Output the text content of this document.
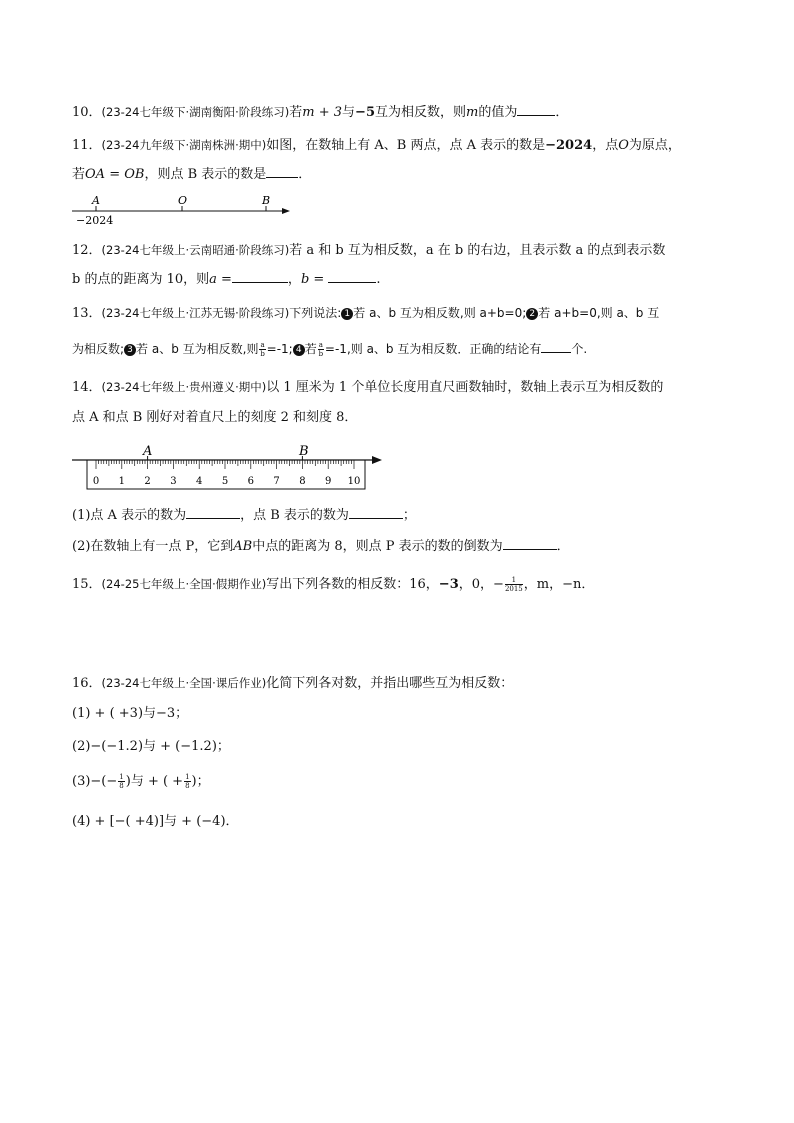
10．(23-24七年级下·湖南衡阳·阶段练习)若m + 3与−5互为相反数，则m的值为	．
11．(23-24九年级下·湖南株洲·期中)如图，在数轴上有 A、B 两点，点 A 表示的数是−2024，点O为原点，
若OA = OB，则点 B 表示的数是 ．
A	O	B
−2024
12．(23-24七年级上·云南昭通·阶段练习)若 a 和 b 互为相反数，a 在 b 的右边，且表示数 a 的点到表示数
b 的点的距离为 10，则a =	，b =	.
13．(23-24七年级上·江苏无锡·阶段练习)下列说法: 1 若 a、b 互为相反数,则 a+b=0; 2 若 a+b=0,则 a、b 互
为相反数; 3 若 a、b 互为相反数,则 $\frac{a}{b} =-1$; 4 若 $\frac{a}{b} =-1$,则 a、b 互为相反数．正确的结论有	个.
14．(23-24七年级上·贵州遵义·期中)以 1 厘米为 1 个单位长度用直尺画数轴时，数轴上表示互为相反数的
点 A 和点 B 刚好对着直尺上的刻度 2 和刻度 8．
0 1 2 3 4 5 6 7 8 9 10
A	B
(1)点 A 表示的数为	，点 B 表示的数为	；
(2)在数轴上有一点 P，它到AB中点的距离为 8，则点 P 表示的数的倒数为	．
15．(24-25七年级上·全国·假期作业)写出下列各数的相反数：16，−3，0，− $\frac{1}{2015}$ ，m，−n．
16．(23-24七年级上·全国·课后作业)化简下列各对数，并指出哪些互为相反数：
(1) + ( +3)与−3；
(2)−(−1.2)与 + (−1.2)；
$(3)-(- \frac{1}{8}$ )与 + ( + $\frac{1}{8}$ )；
(4) + [−( +4)]与 + (−4)．
